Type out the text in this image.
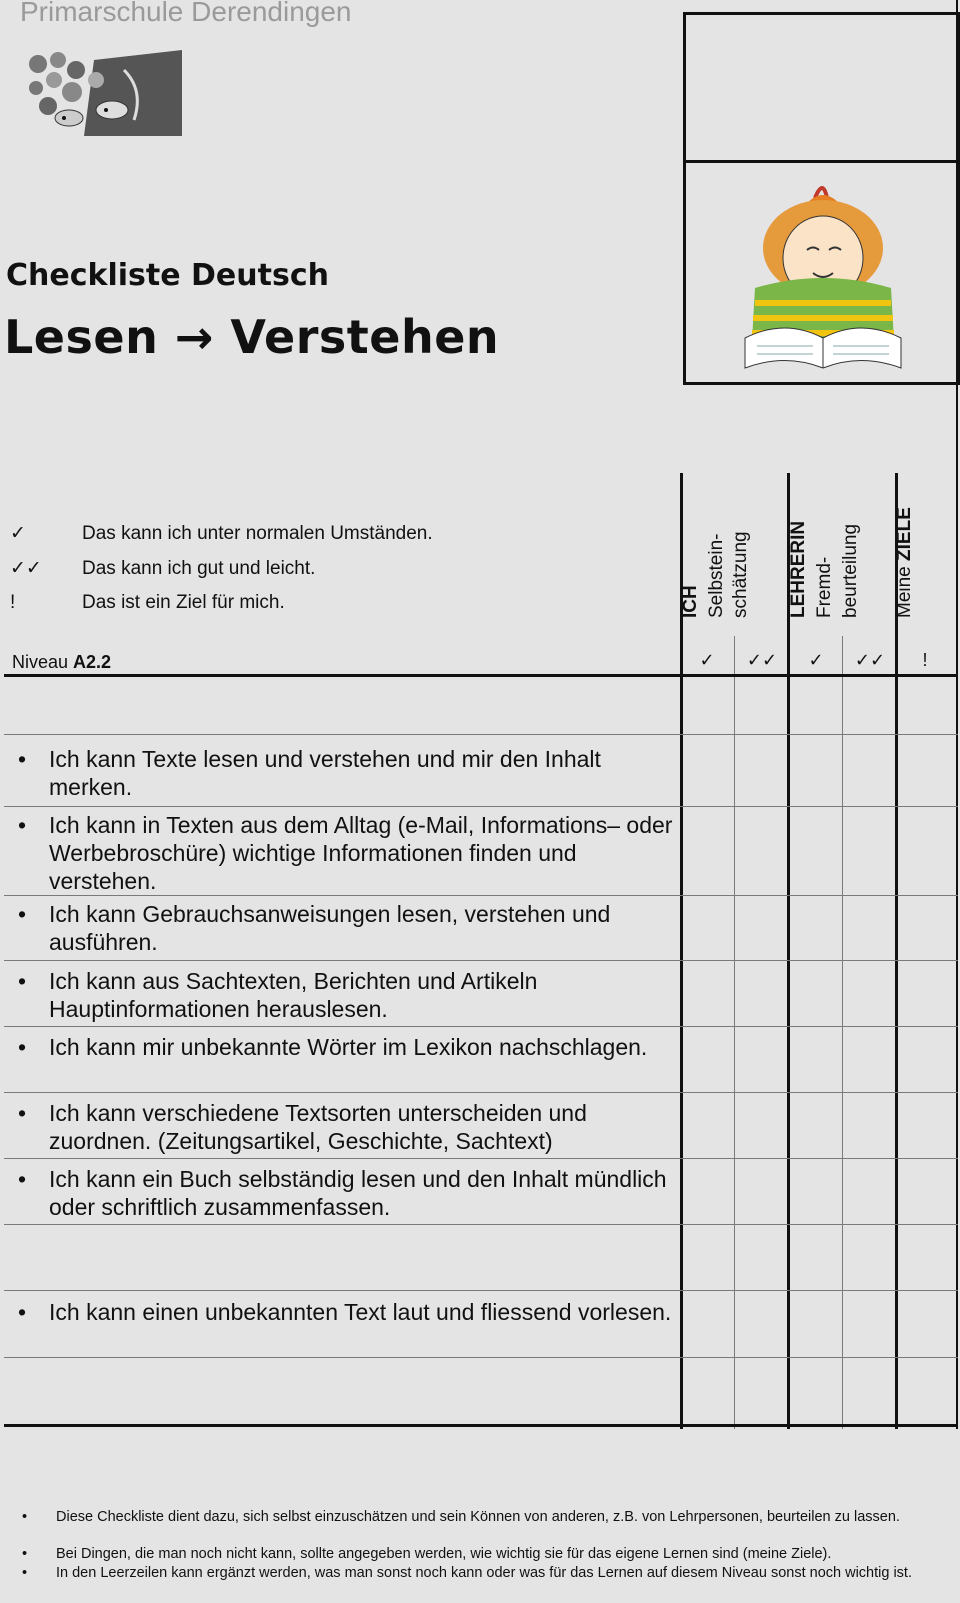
Primarschule Derendingen
Checkliste Deutsch
Lesen → Verstehen
✓	Das kann ich unter normalen Umständen.
✓✓ Das kann ich gut und leicht.
!	Das ist ein Ziel für mich.
Niveau A2.2
ICH Selbstein- schätzung LEHRERIN Fremd- beurteilung Meine ZIELE
✓	✓✓	✓	✓✓	!
• Ich kann Texte lesen und verstehen und mir den Inhalt merken.
• Ich kann in Texten aus dem Alltag (e-Mail, Informations– oder Werbebroschüre) wichtige Informationen finden und verstehen.
• Ich kann Gebrauchsanweisungen lesen, verstehen und ausführen.
• Ich kann aus Sachtexten, Berichten und Artikeln Hauptinformationen herauslesen.
• Ich kann mir unbekannte Wörter im Lexikon nachschlagen.
• Ich kann verschiedene Textsorten unterscheiden und zuordnen. (Zeitungsartikel, Geschichte, Sachtext)
• Ich kann ein Buch selbständig lesen und den Inhalt mündlich oder schriftlich zusammenfassen.
• Ich kann einen unbekannten Text laut und fliessend vorlesen.
• Diese Checkliste dient dazu, sich selbst einzuschätzen und sein Können von anderen, z.B. von Lehrpersonen, beurteilen zu lassen.
• Bei Dingen, die man noch nicht kann, sollte angegeben werden, wie wichtig sie für das eigene Lernen sind (meine Ziele).
• In den Leerzeilen kann ergänzt werden, was man sonst noch kann oder was für das Lernen auf diesem Niveau sonst noch wichtig ist.
